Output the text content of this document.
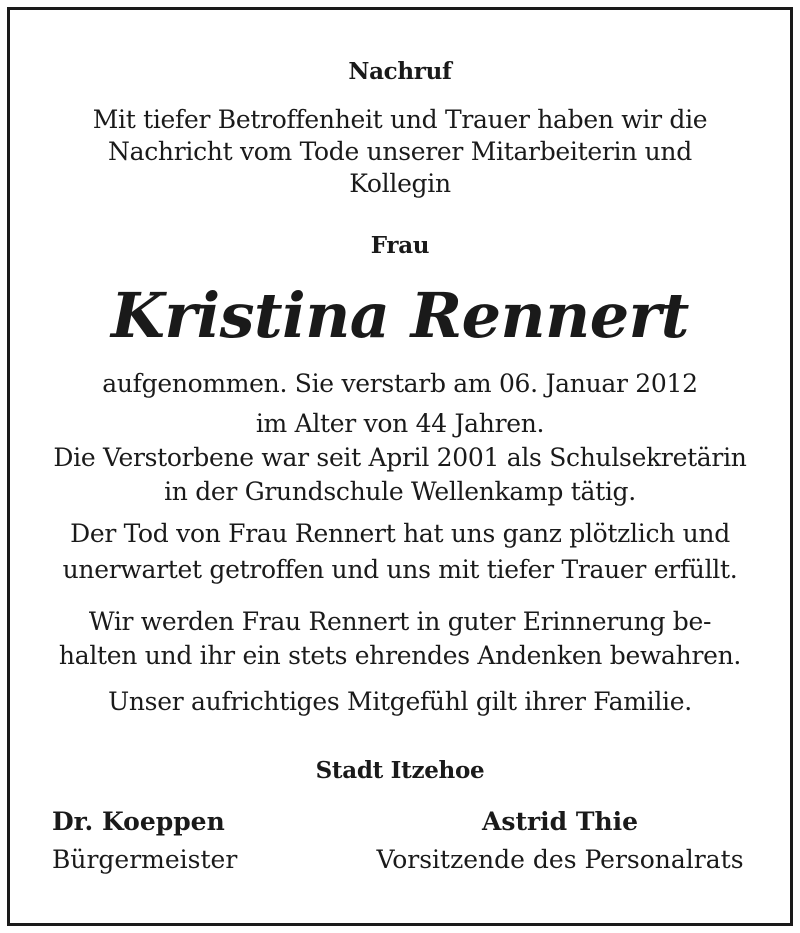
Nachruf
Mit tiefer Betroffenheit und Trauer haben wir die
Nachricht vom Tode unserer Mitarbeiterin und
Kollegin
Frau
Kristina Rennert
aufgenommen. Sie verstarb am 06. Januar 2012
im Alter von 44 Jahren.
Die Verstorbene war seit April 2001 als Schulsekretärin
in der Grundschule Wellenkamp tätig.
Der Tod von Frau Rennert hat uns ganz plötzlich und
unerwartet getroffen und uns mit tiefer Trauer erfüllt.
Wir werden Frau Rennert in guter Erinnerung be-
halten und ihr ein stets ehrendes Andenken bewahren.
Unser aufrichtiges Mitgefühl gilt ihrer Familie.
Stadt Itzehoe
Dr. Koeppen
Bürgermeister
Astrid Thie
Vorsitzende des Personalrats
